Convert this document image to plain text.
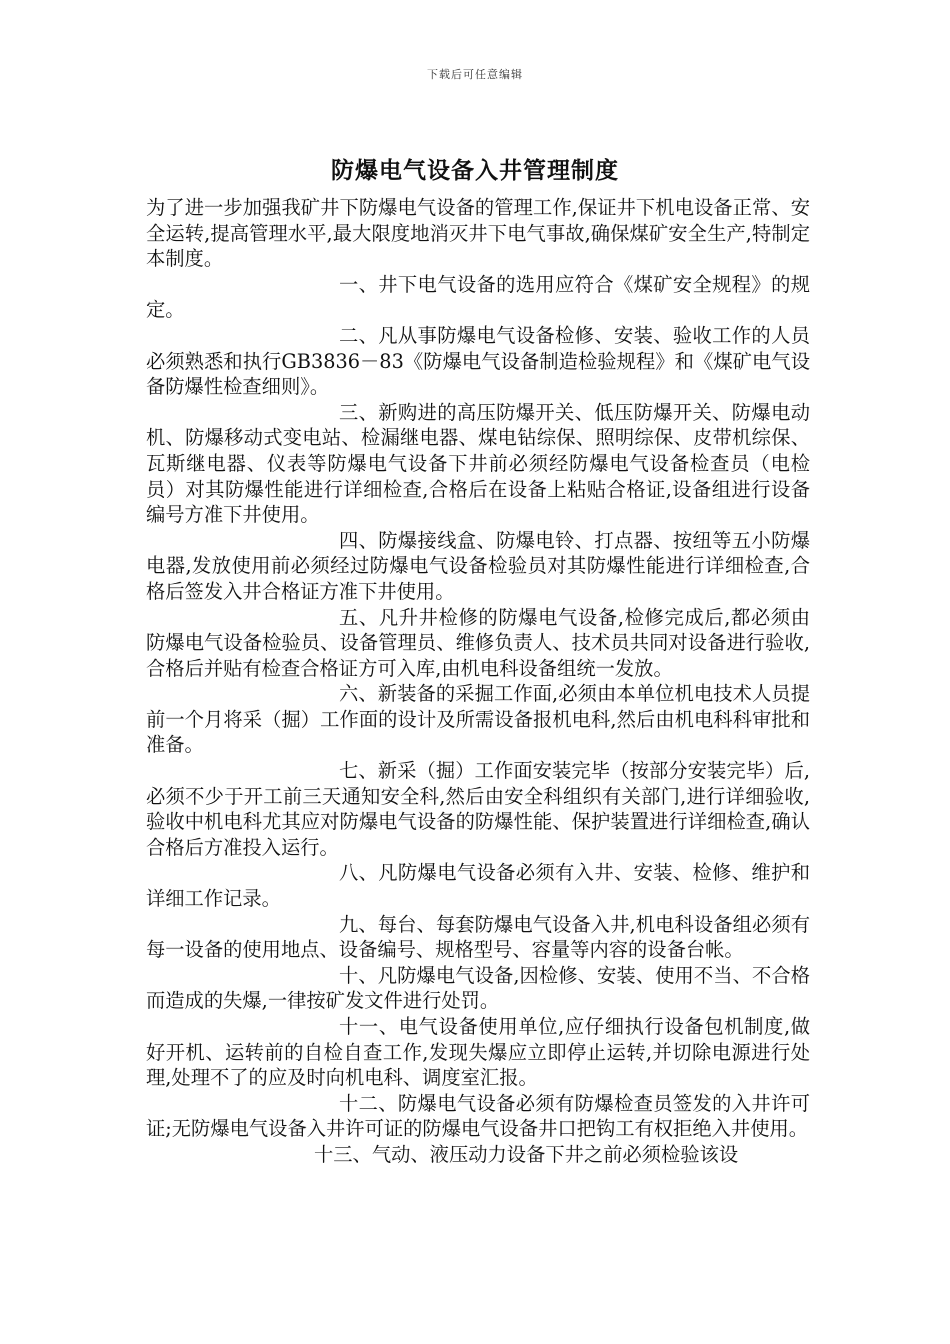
下载后可任意编辑
防爆电气设备入井管理制度

为了进一步加强我矿井下防爆电气设备的管理工作,保证井下机电设备正常、安全运转,提高管理水平,最大限度地消灭井下电气事故,确保煤矿安全生产,特制定本制度。

一、井下电气设备的选用应符合《煤矿安全规程》的规定。

二、凡从事防爆电气设备检修、安装、验收工作的人员必须熟悉和执行GB3836－83《防爆电气设备制造检验规程》和《煤矿电气设备防爆性检查细则》。

三、新购进的高压防爆开关、低压防爆开关、防爆电动机、防爆移动式变电站、检漏继电器、煤电钻综保、照明综保、皮带机综保、瓦斯继电器、仪表等防爆电气设备下井前必须经防爆电气设备检查员（电检员）对其防爆性能进行详细检查,合格后在设备上粘贴合格证,设备组进行设备编号方准下井使用。

四、防爆接线盒、防爆电铃、打点器、按纽等五小防爆电器,发放使用前必须经过防爆电气设备检验员对其防爆性能进行详细检查,合格后签发入井合格证方准下井使用。

五、凡升井检修的防爆电气设备,检修完成后,都必须由防爆电气设备检验员、设备管理员、维修负责人、技术员共同对设备进行验收,合格后并贴有检查合格证方可入库,由机电科设备组统一发放。

六、新装备的采掘工作面,必须由本单位机电技术人员提前一个月将采（掘）工作面的设计及所需设备报机电科,然后由机电科科审批和准备。

七、新采（掘）工作面安装完毕（按部分安装完毕）后,必须不少于开工前三天通知安全科,然后由安全科组织有关部门,进行详细验收,验收中机电科尤其应对防爆电气设备的防爆性能、保护装置进行详细检查,确认合格后方准投入运行。

八、凡防爆电气设备必须有入井、安装、检修、维护和详细工作记录。

九、每台、每套防爆电气设备入井,机电科设备组必须有每一设备的使用地点、设备编号、规格型号、容量等内容的设备台帐。

十、凡防爆电气设备,因检修、安装、使用不当、不合格而造成的失爆,一律按矿发文件进行处罚。

十一、电气设备使用单位,应仔细执行设备包机制度,做好开机、运转前的自检自查工作,发现失爆应立即停止运转,并切除电源进行处理,处理不了的应及时向机电科、调度室汇报。

十二、防爆电气设备必须有防爆检查员签发的入井许可证;无防爆电气设备入井许可证的防爆电气设备井口把钩工有权拒绝入井使用。

十三、气动、液压动力设备下井之前必须检验该设
